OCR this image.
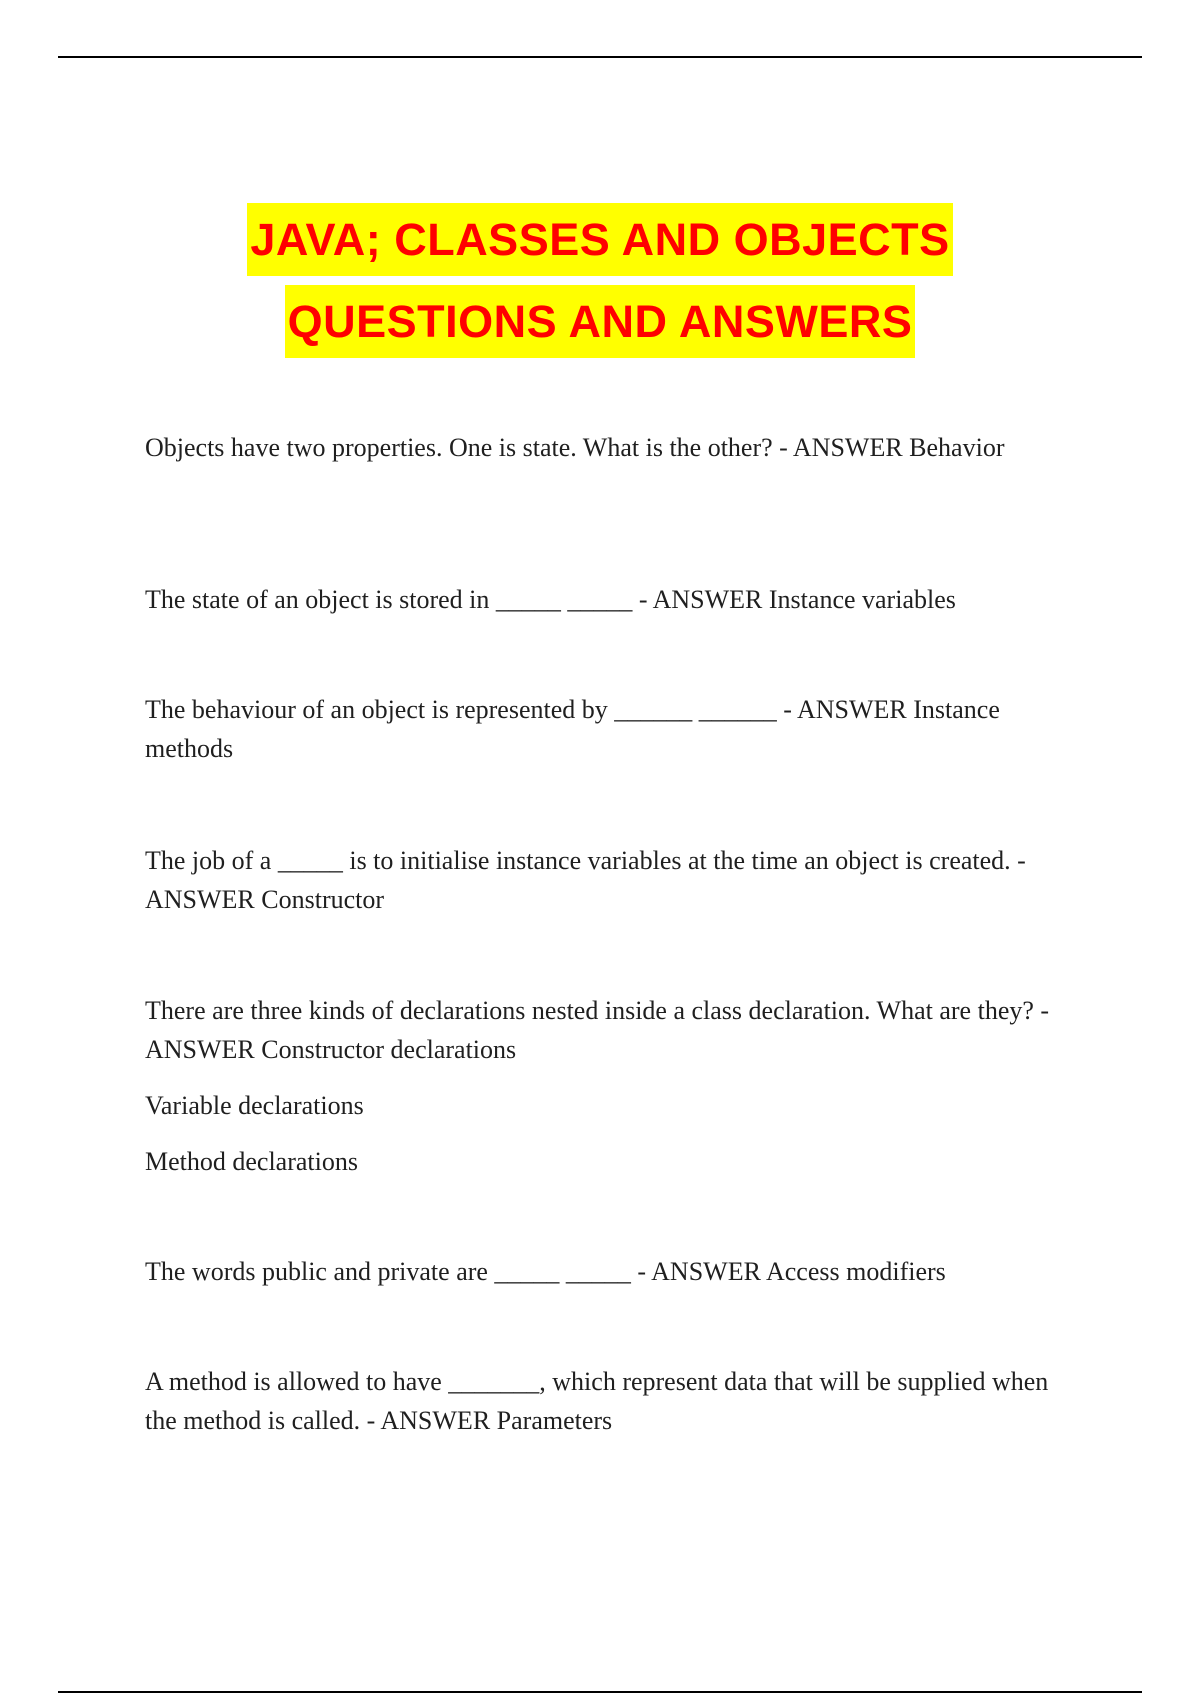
JAVA; CLASSES AND OBJECTS
QUESTIONS AND ANSWERS

Objects have two properties. One is state. What is the other? - ANSWER Behavior

The state of an object is stored in _____ _____ - ANSWER Instance variables

The behaviour of an object is represented by ______ ______ - ANSWER Instance methods

The job of a _____ is to initialise instance variables at the time an object is created. - ANSWER Constructor

There are three kinds of declarations nested inside a class declaration. What are they? - ANSWER Constructor declarations

Variable declarations

Method declarations

The words public and private are _____ _____ - ANSWER Access modifiers

A method is allowed to have _______, which represent data that will be supplied when the method is called. - ANSWER Parameters
